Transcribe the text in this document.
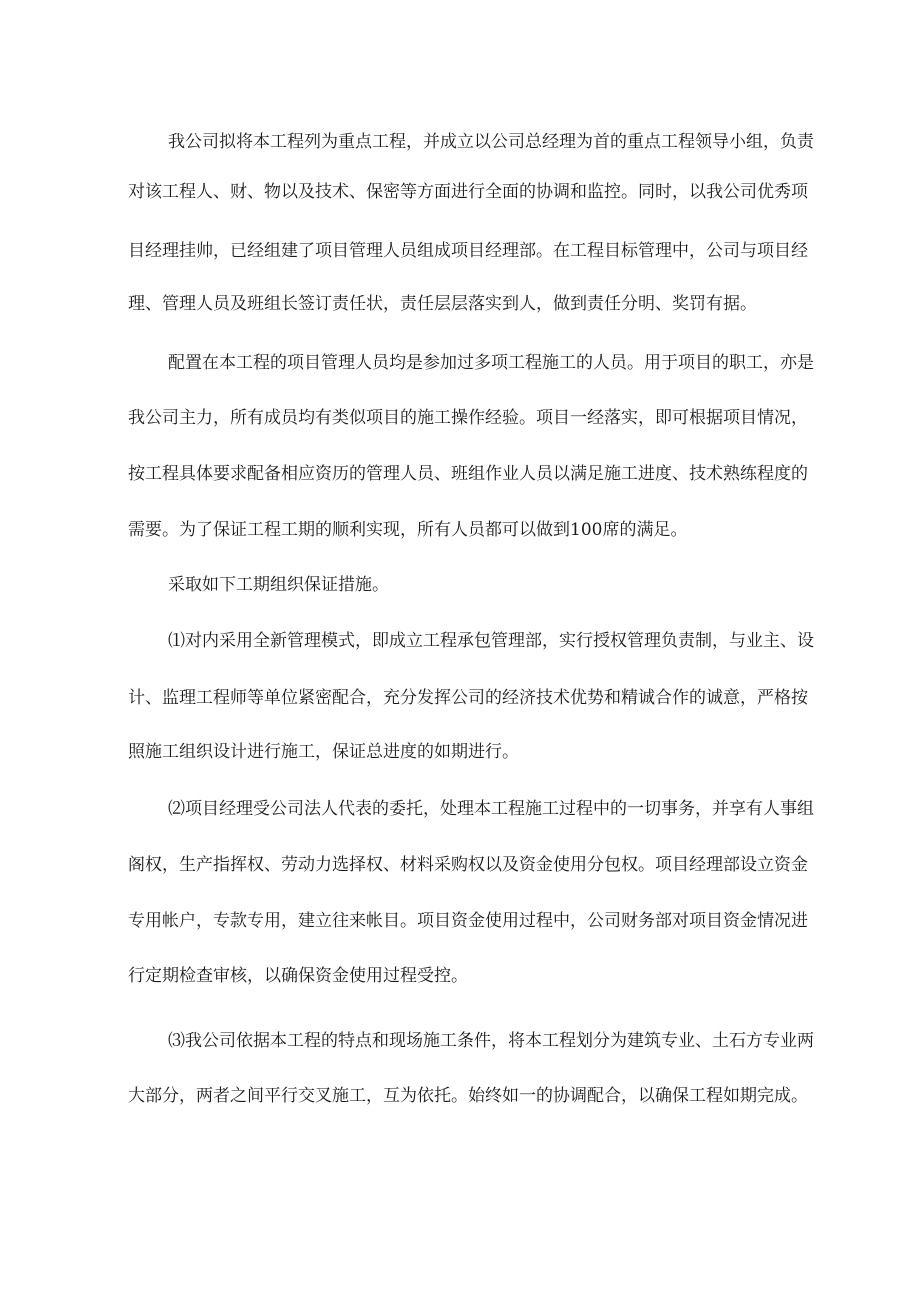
我公司拟将本工程列为重点工程，并成立以公司总经理为首的重点工程领导小组，负责
对该工程人、财、物以及技术、保密等方面进行全面的协调和监控。同时，以我公司优秀项
目经理挂帅，已经组建了项目管理人员组成项目经理部。在工程目标管理中，公司与项目经
理、管理人员及班组长签订责任状，责任层层落实到人，做到责任分明、奖罚有据。
配置在本工程的项目管理人员均是参加过多项工程施工的人员。用于项目的职工，亦是
我公司主力，所有成员均有类似项目的施工操作经验。项目一经落实，即可根据项目情况，
按工程具体要求配备相应资历的管理人员、班组作业人员以满足施工进度、技术熟练程度的
需要。为了保证工程工期的顺利实现，所有人员都可以做到100席的满足。
采取如下工期组织保证措施。
⑴对内采用全新管理模式，即成立工程承包管理部，实行授权管理负责制，与业主、设
计、监理工程师等单位紧密配合，充分发挥公司的经济技术优势和精诚合作的诚意，严格按
照施工组织设计进行施工，保证总进度的如期进行。
⑵项目经理受公司法人代表的委托，处理本工程施工过程中的一切事务，并享有人事组
阁权，生产指挥权、劳动力选择权、材料采购权以及资金使用分包权。项目经理部设立资金
专用帐户，专款专用，建立往来帐目。项目资金使用过程中，公司财务部对项目资金情况进
行定期检查审核，以确保资金使用过程受控。
⑶我公司依据本工程的特点和现场施工条件，将本工程划分为建筑专业、土石方专业两
大部分，两者之间平行交叉施工，互为依托。始终如一的协调配合，以确保工程如期完成。
